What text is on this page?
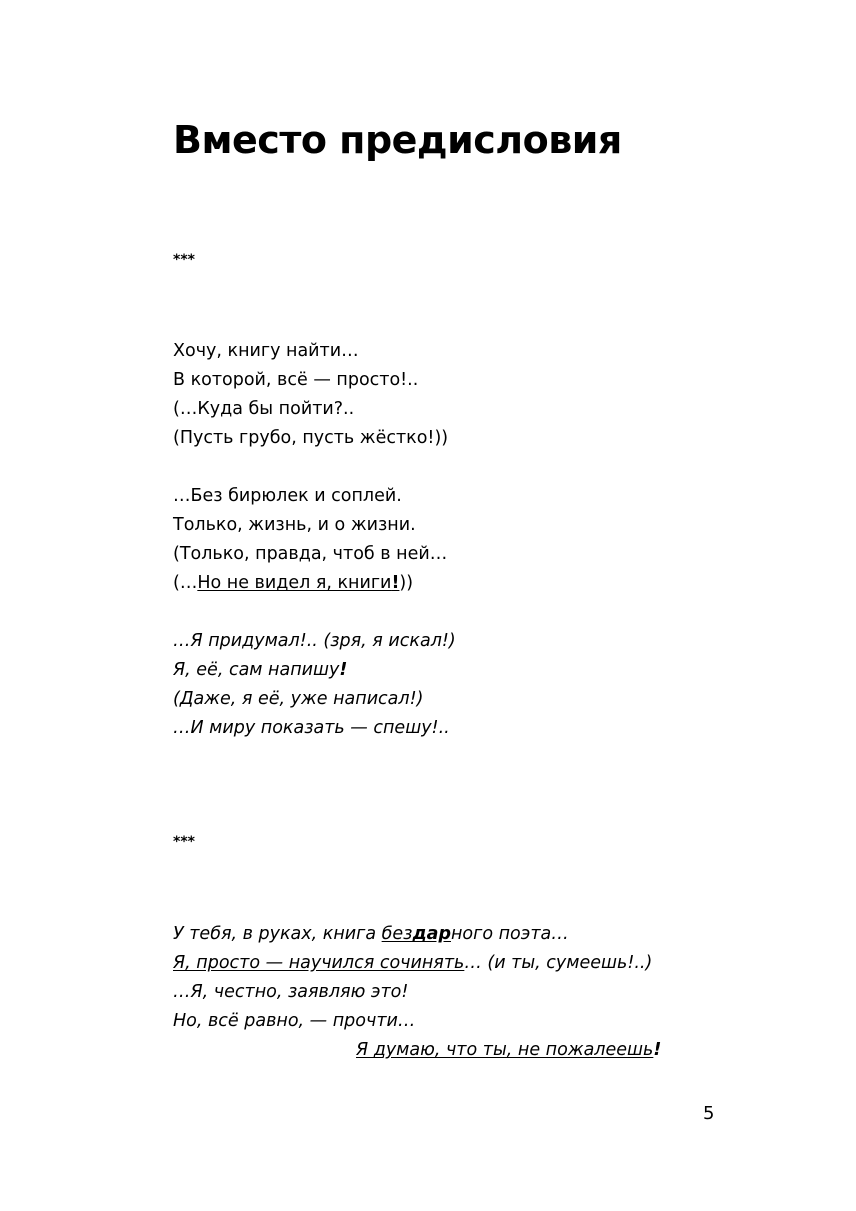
Вместо предисловия
***
Хочу, книгу найти…
В которой, всё — просто!..
(…Куда бы пойти?..
(Пусть грубо, пусть жёстко!))
…Без бирюлек и соплей.
Только, жизнь, и о жизни.
(Только, правда, чтоб в ней…
(…Но не видел я, книги!))
…Я придумал!.. (зря, я искал!)
Я, её, сам напишу!
(Даже, я её, уже написал!)
…И миру показать — спешу!..
***
У тебя, в руках, книга бездарного поэта…
Я, просто — научился сочинять… (и ты, сумеешь!..)
…Я, честно, заявляю это!
Но, всё равно, — прочти…
Я думаю, что ты, не пожалеешь!
5
